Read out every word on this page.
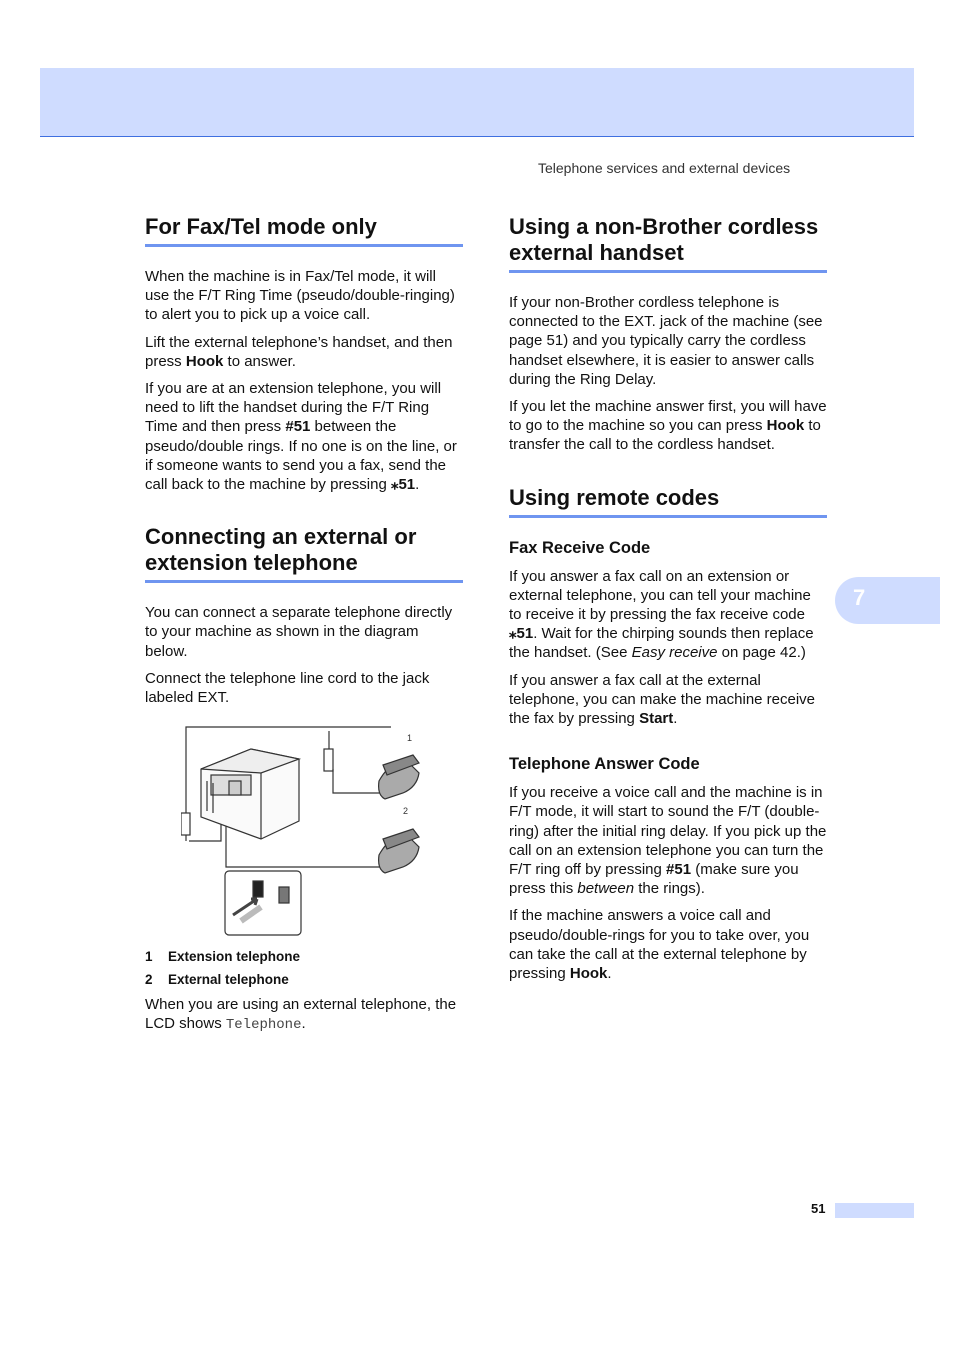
Telephone services and external devices
7
For Fax/Tel mode only

When the machine is in Fax/Tel mode, it will use the F/T Ring Time (pseudo/double-ringing) to alert you to pick up a voice call.

Lift the external telephone’s handset, and then press Hook to answer.

If you are at an extension telephone, you will need to lift the handset during the F/T Ring Time and then press #51 between the pseudo/double rings. If no one is on the line, or if someone wants to send you a fax, send the call back to the machine by pressing ⁎51.

Connecting an external or extension telephone

You can connect a separate telephone directly to your machine as shown in the diagram below.

Connect the telephone line cord to the jack labeled EXT.

1
2
1 Extension telephone
2 External telephone

When you are using an external telephone, the LCD shows Telephone.

Using a non-Brother cordless external handset

If your non-Brother cordless telephone is connected to the EXT. jack of the machine (see page 51) and you typically carry the cordless handset elsewhere, it is easier to answer calls during the Ring Delay.

If you let the machine answer first, you will have to go to the machine so you can press Hook to transfer the call to the cordless handset.

Using remote codes
Fax Receive Code

If you answer a fax call on an extension or external telephone, you can tell your machine to receive it by pressing the fax receive code ⁎51. Wait for the chirping sounds then replace the handset. (See Easy receive on page 42.)

If you answer a fax call at the external telephone, you can make the machine receive the fax by pressing Start.

Telephone Answer Code

If you receive a voice call and the machine is in F/T mode, it will start to sound the F/T (double-ring) after the initial ring delay. If you pick up the call on an extension telephone you can turn the F/T ring off by pressing #51 (make sure you press this between the rings).

If the machine answers a voice call and pseudo/double-rings for you to take over, you can take the call at the external telephone by pressing Hook.

51
